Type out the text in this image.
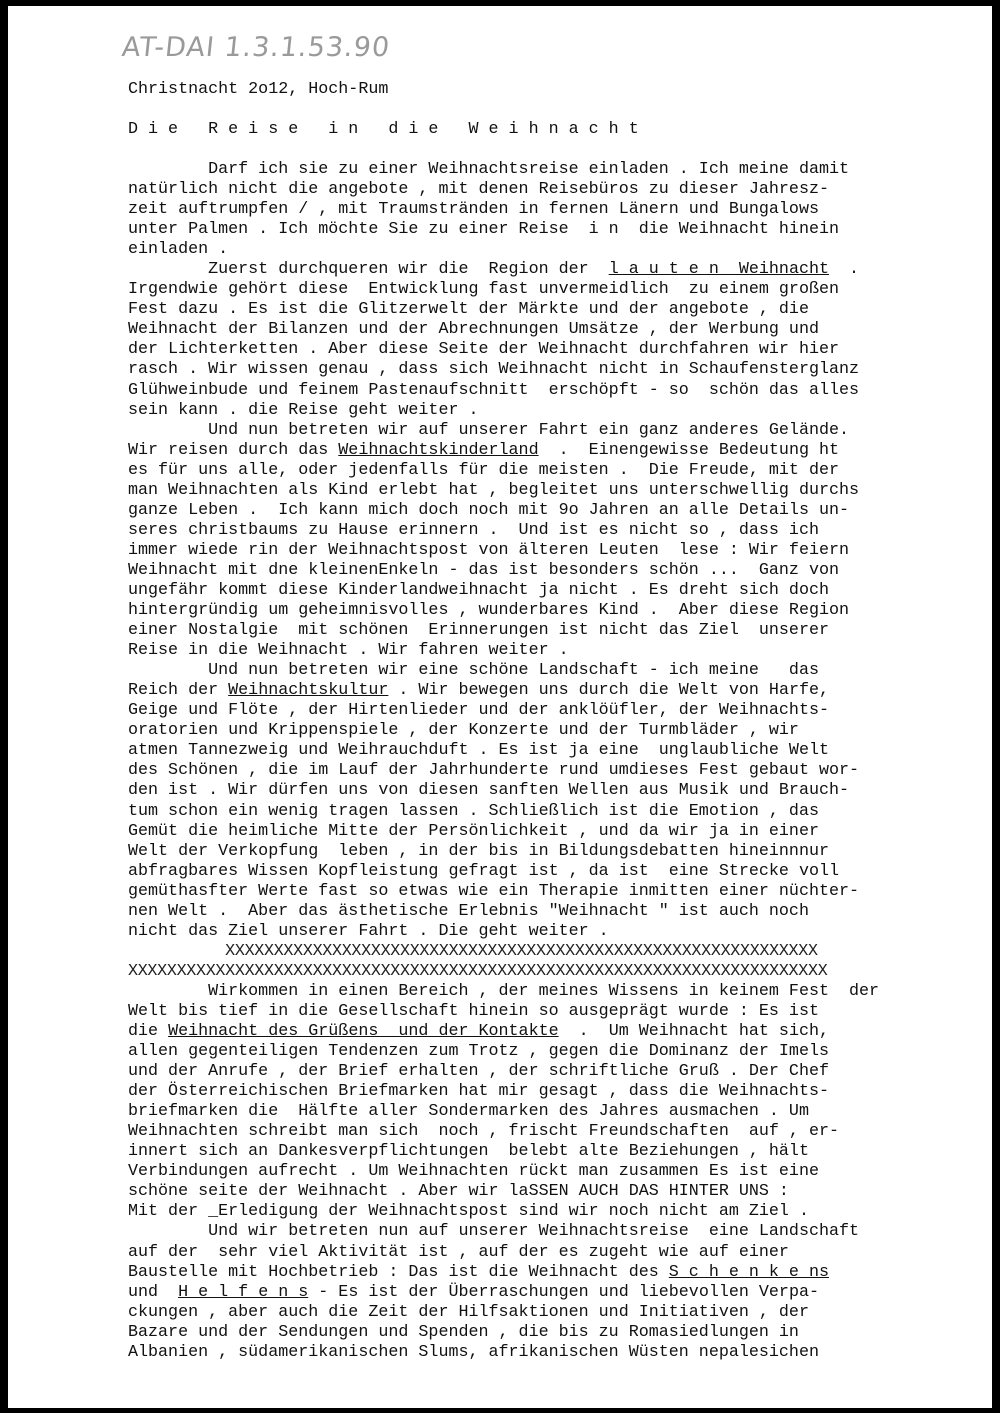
AT-DAI 1.3.1.53.90
Christnacht 2o12, Hoch-Rum
D i e   R e i s e   i n   d i e   W e i h n a c h t
Darf ich sie zu einer Weihnachtsreise einladen . Ich meine damit
natürlich nicht die angebote , mit denen Reisebüros zu dieser Jahresz-
zeit auftrumpfen / , mit Traumstränden in fernen Länern und Bungalows
unter Palmen . Ich möchte Sie zu einer Reise  i n  die Weihnacht hinein
einladen .
Zuerst durchqueren wir die  Region der  l a u t e n  Weihnacht  .
Irgendwie gehört diese  Entwicklung fast unvermeidlich  zu einem großen
Fest dazu . Es ist die Glitzerwelt der Märkte und der angebote , die
Weihnacht der Bilanzen und der Abrechnungen Umsätze , der Werbung und
der Lichterketten . Aber diese Seite der Weihnacht durchfahren wir hier
rasch . Wir wissen genau , dass sich Weihnacht nicht in Schaufensterglanz
Glühweinbude und feinem Pastenaufschnitt  erschöpft - so  schön das alles
sein kann . die Reise geht weiter .
Und nun betreten wir auf unserer Fahrt ein ganz anderes Gelände.
Wir reisen durch das Weihnachtskinderland  .  Einengewisse Bedeutung ht
es für uns alle, oder jedenfalls für die meisten .  Die Freude, mit der
man Weihnachten als Kind erlebt hat , begleitet uns unterschwellig durchs
ganze Leben .  Ich kann mich doch noch mit 9o Jahren an alle Details un-
seres christbaums zu Hause erinnern .  Und ist es nicht so , dass ich
immer wiede rin der Weihnachtspost von älteren Leuten  lese : Wir feiern
Weihnacht mit dne kleinenEnkeln - das ist besonders schön ...  Ganz von
ungefähr kommt diese Kinderlandweihnacht ja nicht . Es dreht sich doch
hintergründig um geheimnisvolles , wunderbares Kind .  Aber diese Region
einer Nostalgie  mit schönen  Erinnerungen ist nicht das Ziel  unserer
Reise in die Weihnacht . Wir fahren weiter .
Und nun betreten wir eine schöne Landschaft - ich meine   das
Reich der Weihnachtskultur . Wir bewegen uns durch die Welt von Harfe,
Geige und Flöte , der Hirtenlieder und der anklöüfler, der Weihnachts-
oratorien und Krippenspiele , der Konzerte und der Turmbläder , wir
atmen Tannezweig und Weihrauchduft . Es ist ja eine  unglaubliche Welt
des Schönen , die im Lauf der Jahrhunderte rund umdieses Fest gebaut wor-
den ist . Wir dürfen uns von diesen sanften Wellen aus Musik und Brauch-
tum schon ein wenig tragen lassen . Schließlich ist die Emotion , das
Gemüt die heimliche Mitte der Persönlichkeit , und da wir ja in einer
Welt der Verkopfung  leben , in der bis in Bildungsdebatten hineinnnur
abfragbares Wissen Kopfleistung gefragt ist , da ist  eine Strecke voll
gemüthasfter Werte fast so etwas wie ein Therapie inmitten einer nüchter-
nen Welt .  Aber das ästhetische Erlebnis "Weihnacht " ist auch noch
nicht das Ziel unserer Fahrt . Die geht weiter .
XXXXXXXXXXXXXXXXXXXXXXXXXXXXXXXXXXXXXXXXXXXXXXXXXXXXXXXXXXXXX
XXXXXXXXXXXXXXXXXXXXXXXXXXXXXXXXXXXXXXXXXXXXXXXXXXXXXXXXXXXXXXXXXXXXXXXX
Wirkommen in einen Bereich , der meines Wissens in keinem Fest  der
Welt bis tief in die Gesellschaft hinein so ausgeprägt wurde : Es ist
die Weihnacht des Grüßens  und der Kontakte  .  Um Weihnacht hat sich,
allen gegenteiligen Tendenzen zum Trotz , gegen die Dominanz der Imels
und der Anrufe , der Brief erhalten , der schriftliche Gruß . Der Chef
der Österreichischen Briefmarken hat mir gesagt , dass die Weihnachts-
briefmarken die  Hälfte aller Sondermarken des Jahres ausmachen . Um
Weihnachten schreibt man sich  noch , frischt Freundschaften  auf , er-
innert sich an Dankesverpflichtungen  belebt alte Beziehungen , hält
Verbindungen aufrecht . Um Weihnachten rückt man zusammen Es ist eine
schöne seite der Weihnacht . Aber wir laSSEN AUCH DAS HINTER UNS :
Mit der _Erledigung der Weihnachtspost sind wir noch nicht am Ziel .
Und wir betreten nun auf unserer Weihnachtsreise  eine Landschaft
auf der  sehr viel Aktivität ist , auf der es zugeht wie auf einer
Baustelle mit Hochbetrieb : Das ist die Weihnacht des S c h e n k e ns
und  H e l f e n s - Es ist der Überraschungen und liebevollen Verpa-
ckungen , aber auch die Zeit der Hilfsaktionen und Initiativen , der
Bazare und der Sendungen und Spenden , die bis zu Romasiedlungen in
Albanien , südamerikanischen Slums, afrikanischen Wüsten nepalesichen
